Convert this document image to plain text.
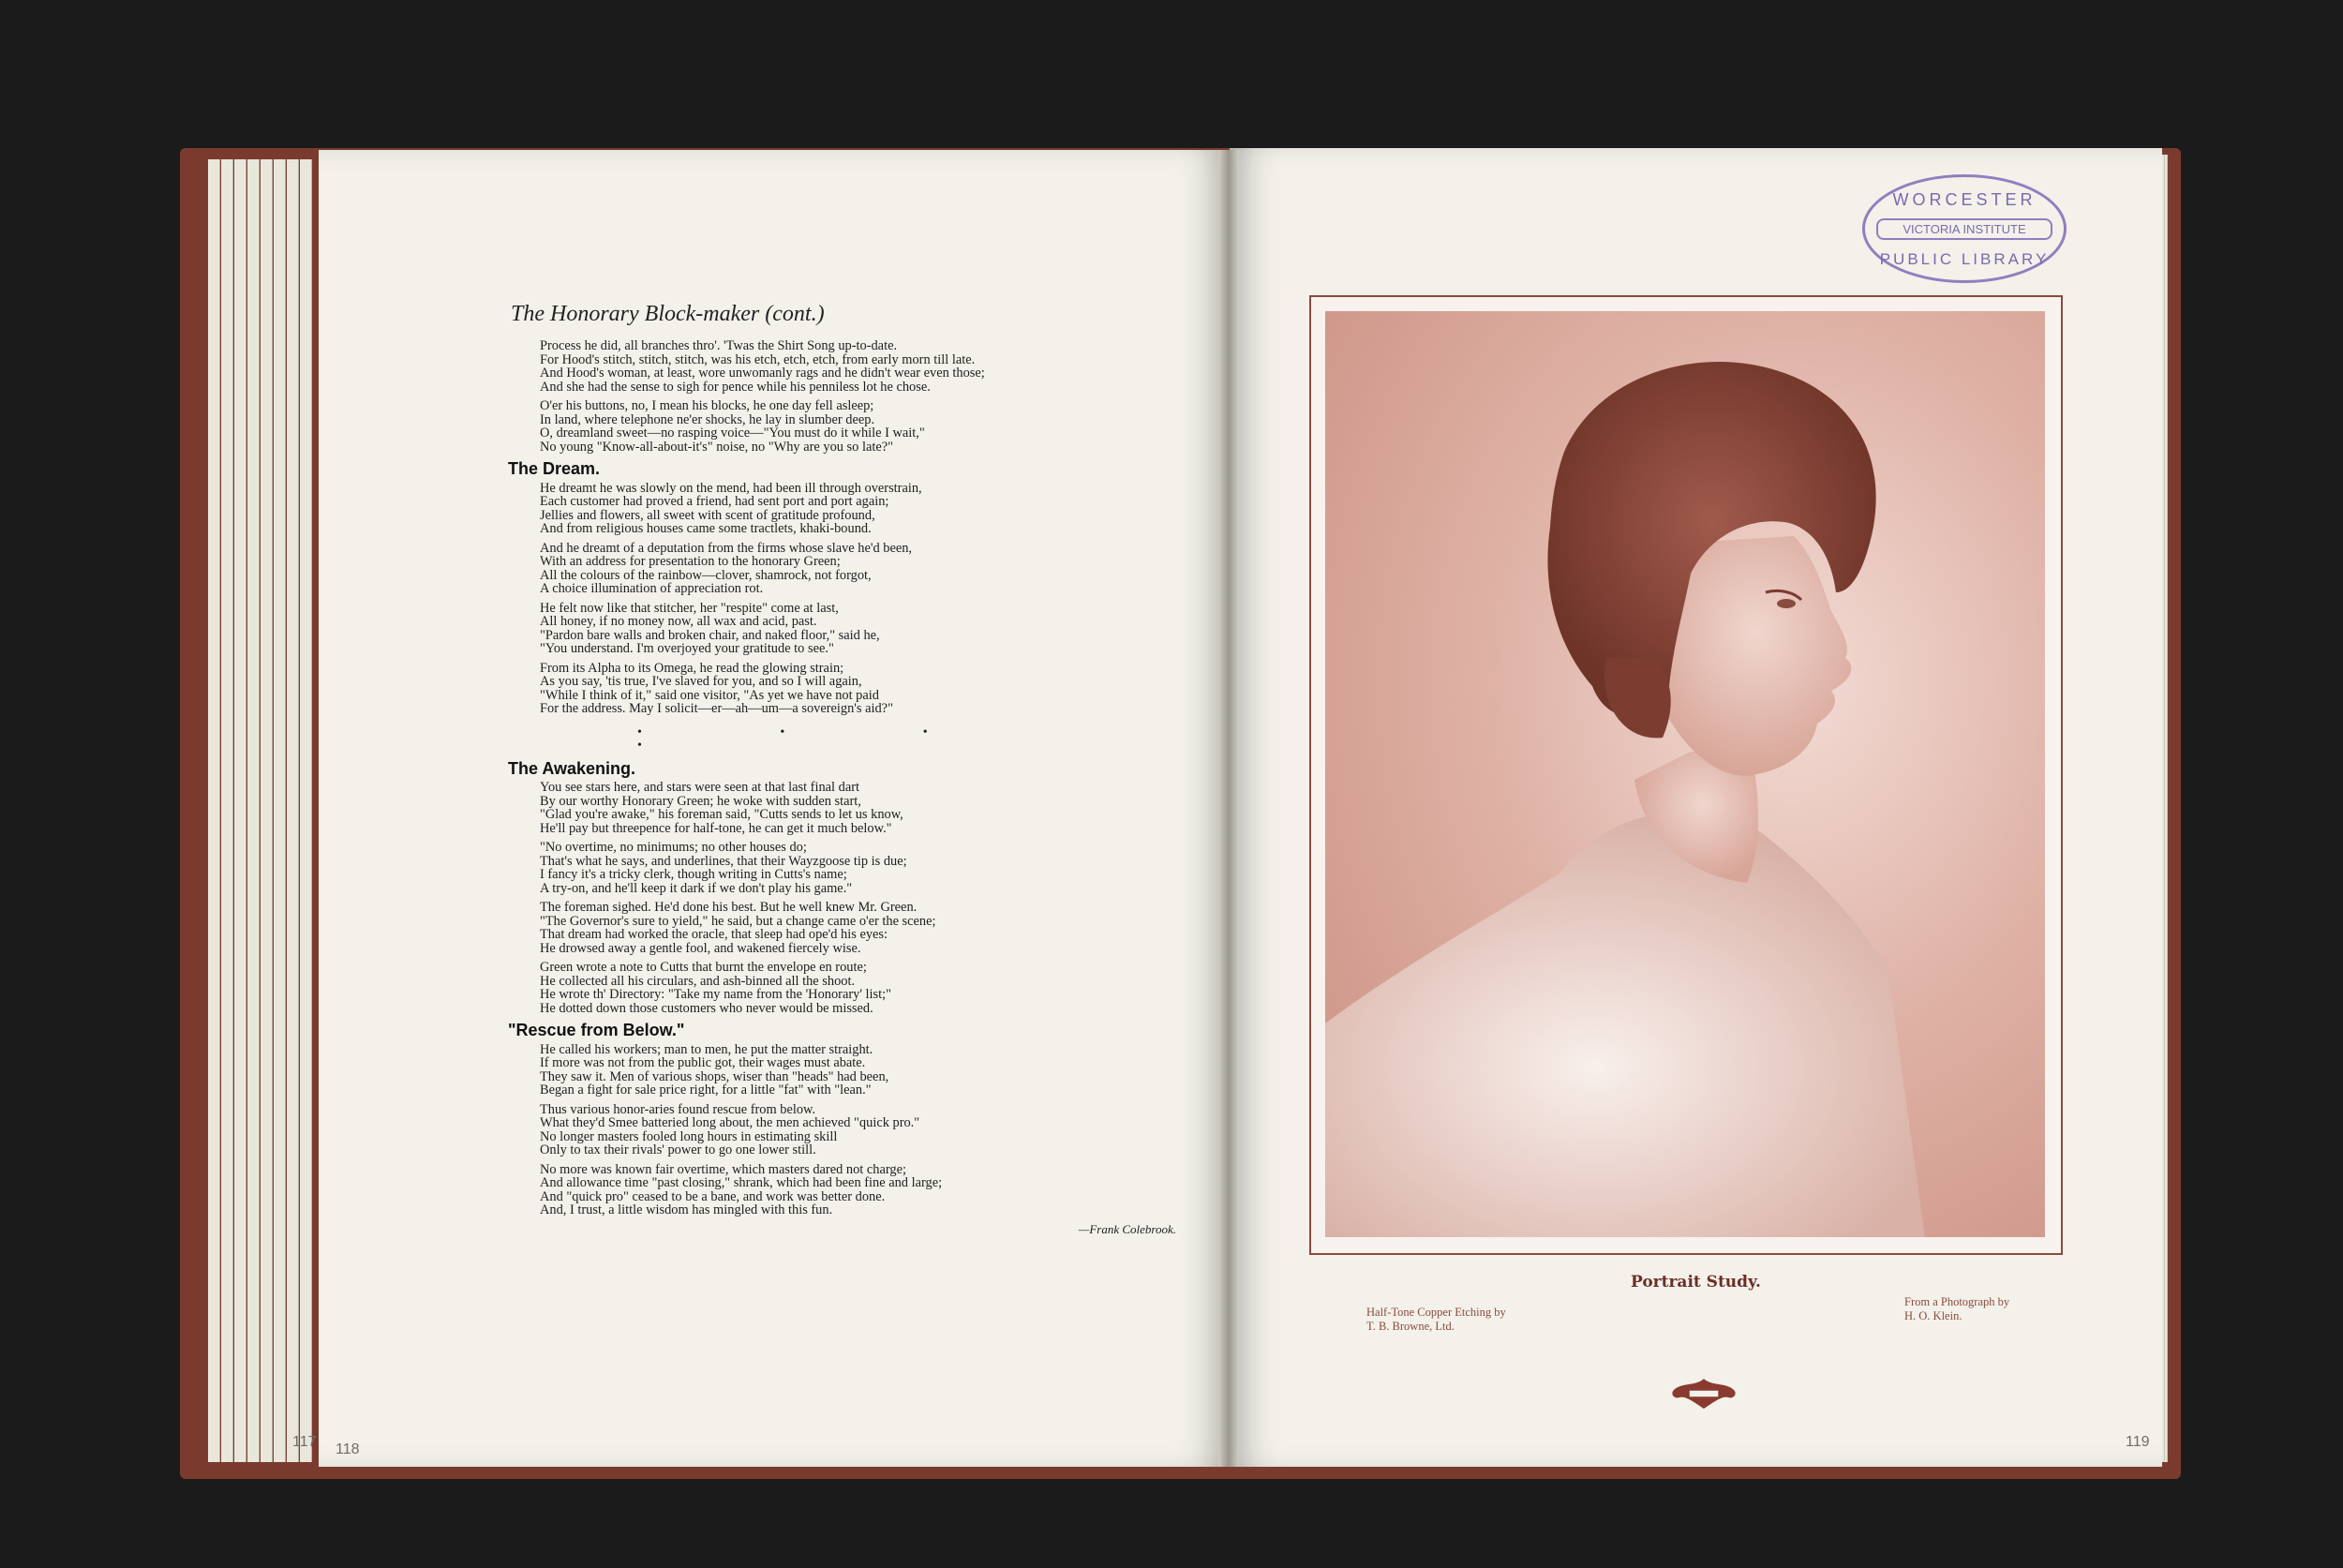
117 118
The Honorary Block-maker (cont.)
Process he did, all branches thro'. 'Twas the Shirt Song up-to-date.
For Hood's stitch, stitch, stitch, was his etch, etch, etch, from early morn till late.
And Hood's woman, at least, wore unwomanly rags and he didn't wear even those;
And she had the sense to sigh for pence while his penniless lot he chose.
O'er his buttons, no, I mean his blocks, he one day fell asleep;
In land, where telephone ne'er shocks, he lay in slumber deep.
O, dreamland sweet—no rasping voice—"You must do it while I wait,"
No young "Know-all-about-it's" noise, no "Why are you so late?"
The Dream.
He dreamt he was slowly on the mend, had been ill through overstrain,
Each customer had proved a friend, had sent port and port again;
Jellies and flowers, all sweet with scent of gratitude profound,
And from religious houses came some tractlets, khaki-bound.
And he dreamt of a deputation from the firms whose slave he'd been,
With an address for presentation to the honorary Green;
All the colours of the rainbow—clover, shamrock, not forgot,
A choice illumination of appreciation rot.
He felt now like that stitcher, her "respite" come at last,
All honey, if no money now, all wax and acid, past.
"Pardon bare walls and broken chair, and naked floor," said he,
"You understand. I'm overjoyed your gratitude to see."
From its Alpha to its Omega, he read the glowing strain;
As you say, 'tis true, I've slaved for you, and so I will again,
"While I think of it," said one visitor, "As yet we have not paid
For the address. May I solicit—er—ah—um—a sovereign's aid?"
• • • •
The Awakening.
You see stars here, and stars were seen at that last final dart
By our worthy Honorary Green; he woke with sudden start,
"Glad you're awake," his foreman said, "Cutts sends to let us know,
He'll pay but threepence for half-tone, he can get it much below."
"No overtime, no minimums; no other houses do;
That's what he says, and underlines, that their Wayzgoose tip is due;
I fancy it's a tricky clerk, though writing in Cutts's name;
A try-on, and he'll keep it dark if we don't play his game."
The foreman sighed. He'd done his best. But he well knew Mr. Green.
"The Governor's sure to yield," he said, but a change came o'er the scene;
That dream had worked the oracle, that sleep had ope'd his eyes:
He drowsed away a gentle fool, and wakened fiercely wise.
Green wrote a note to Cutts that burnt the envelope en route;
He collected all his circulars, and ash-binned all the shoot.
He wrote th' Directory: "Take my name from the 'Honorary' list;"
He dotted down those customers who never would be missed.
"Rescue from Below."
He called his workers; man to men, he put the matter straight.
If more was not from the public got, their wages must abate.
They saw it. Men of various shops, wiser than "heads" had been,
Began a fight for sale price right, for a little "fat" with "lean."
Thus various honor-aries found rescue from below.
What they'd Smee batteried long about, the men achieved "quick pro."
No longer masters fooled long hours in estimating skill
Only to tax their rivals' power to go one lower still.
No more was known fair overtime, which masters dared not charge;
And allowance time "past closing," shrank, which had been fine and large;
And "quick pro" ceased to be a bane, and work was better done.
And, I trust, a little wisdom has mingled with this fun.
—Frank Colebrook.
WORCESTER
VICTORIA INSTITUTE
PUBLIC LIBRARY
Portrait Study.
Half-Tone Copper Etching by
T. B. Browne, Ltd.
From a Photograph by
H. O. Klein.
119
